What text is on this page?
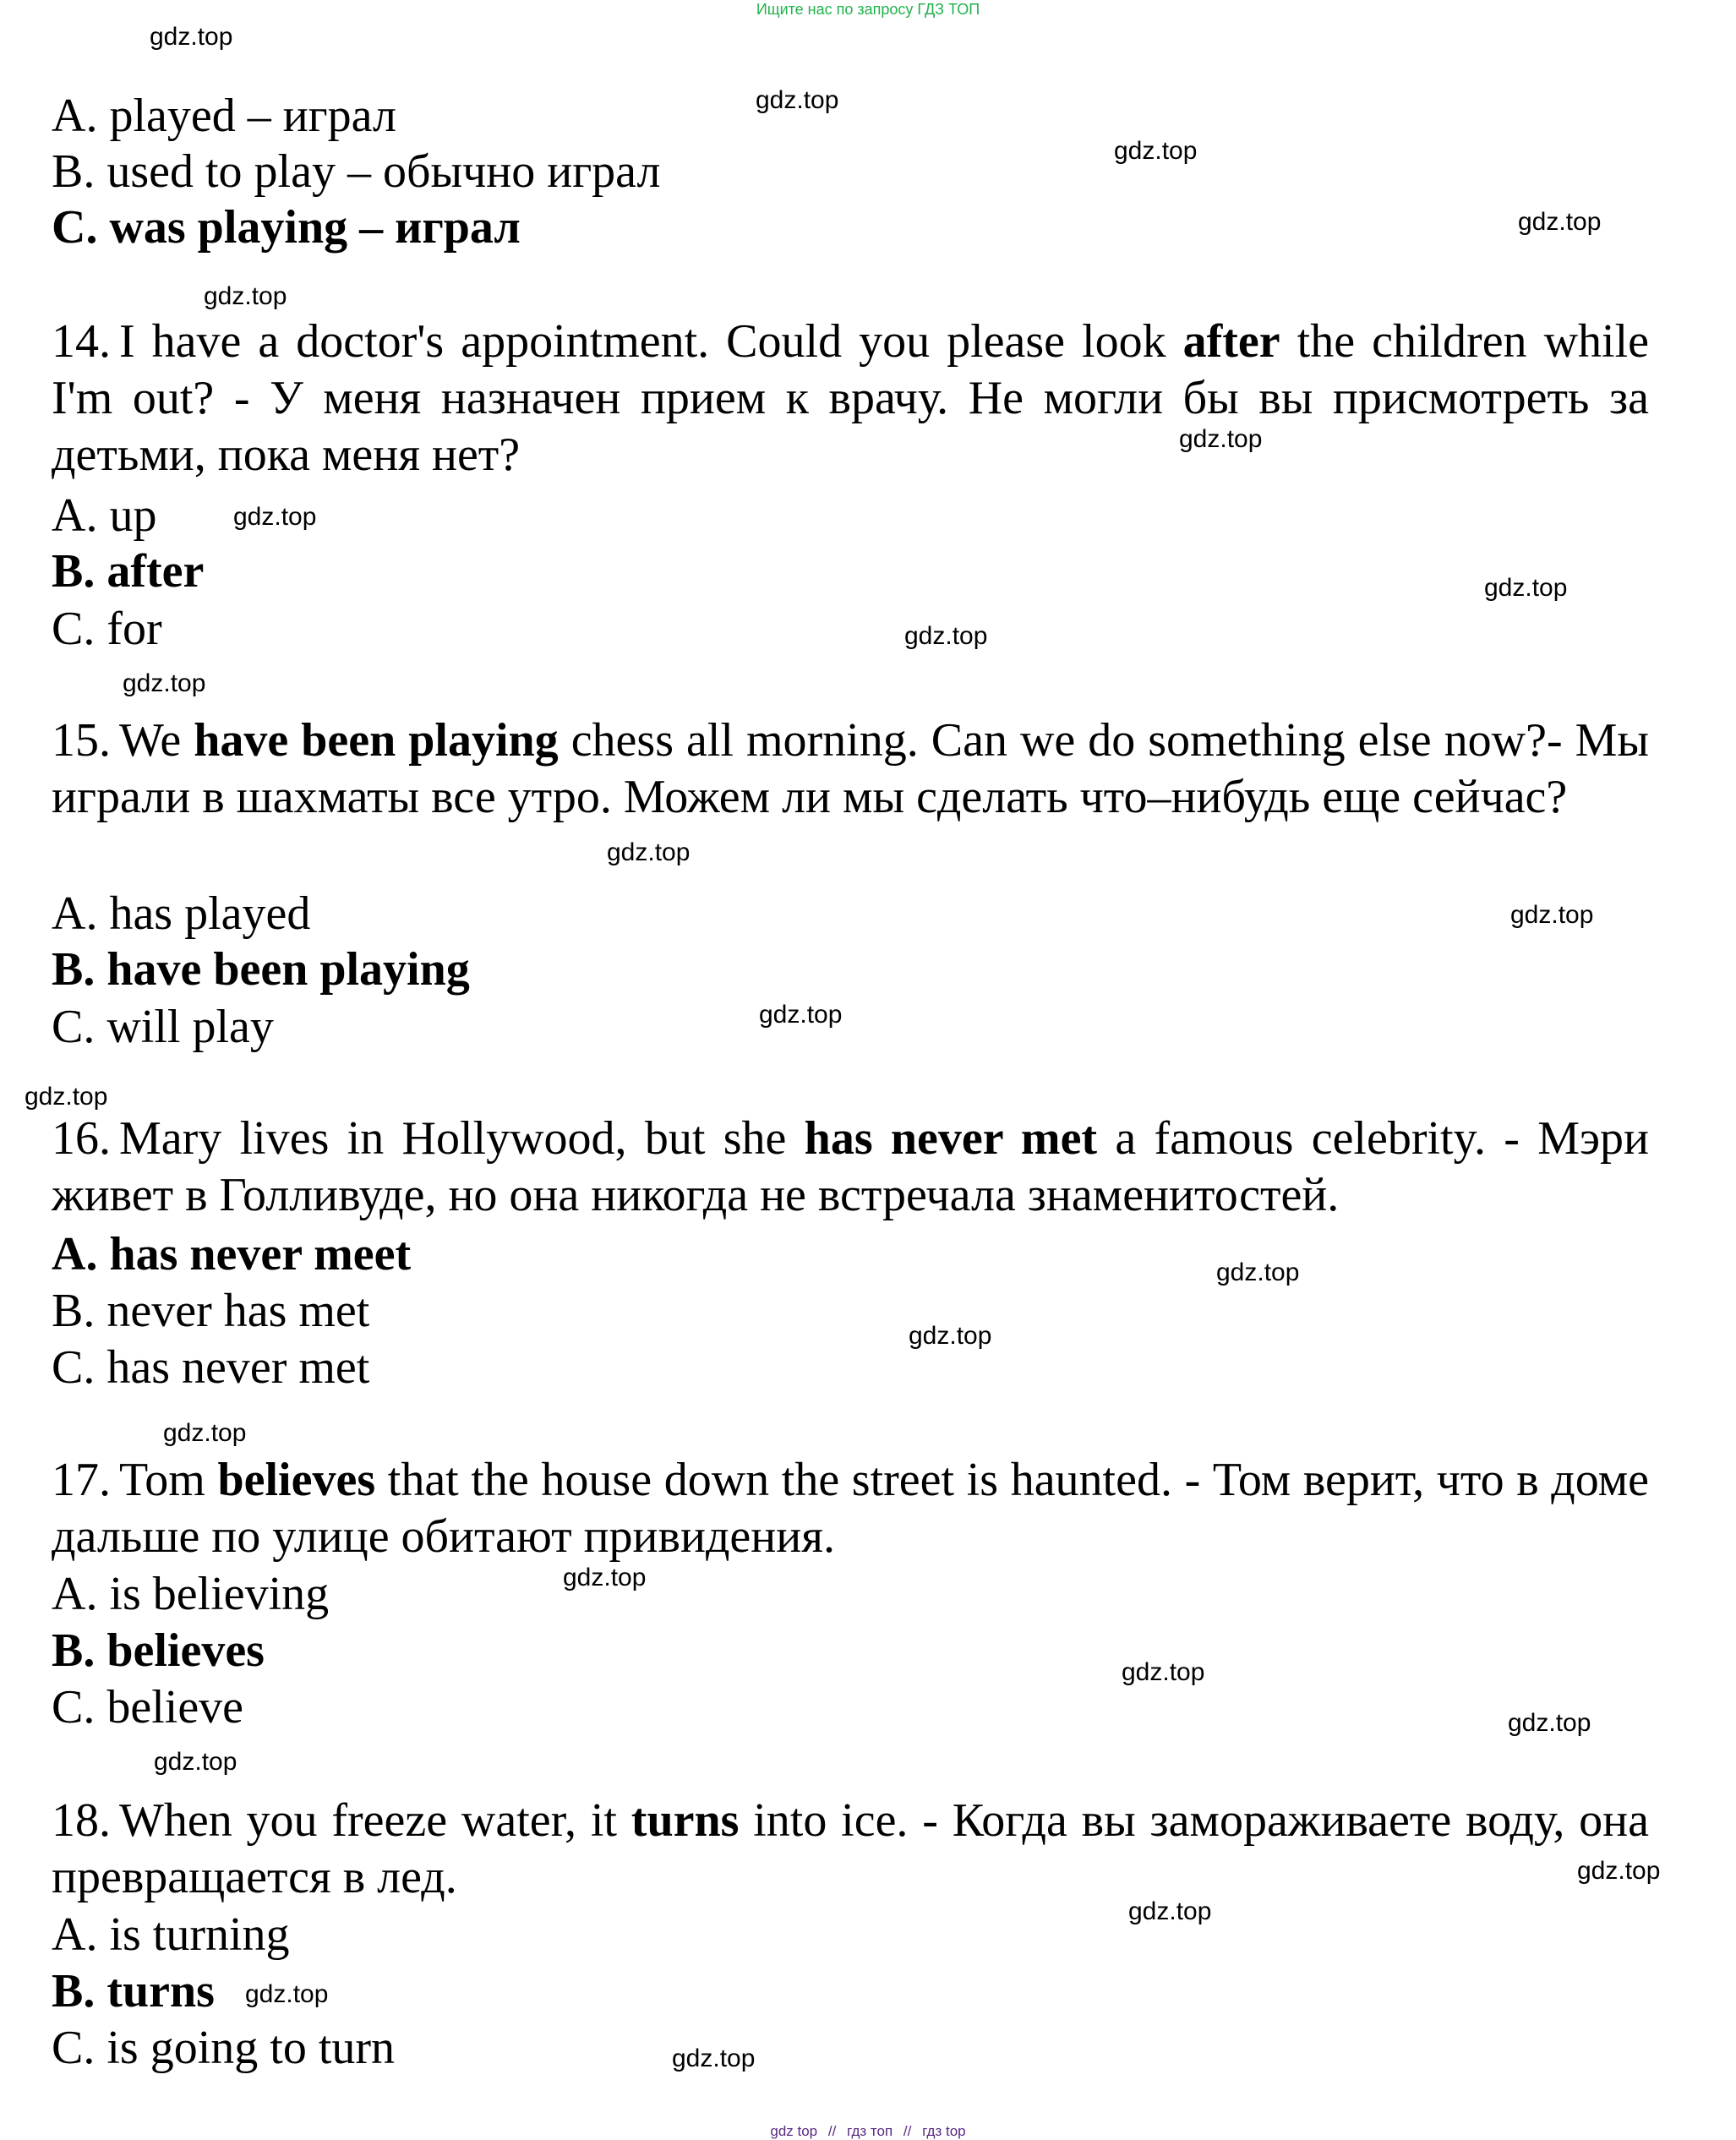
Ищите нас по запросу ГДЗ ТОП
A. played – играл
B. used to play – обычно играл
C. was playing – играл
14. I have a doctor's appointment. Could you please look after the children while I'm out? - У меня назначен прием к врачу. Не могли бы вы присмотреть за детьми, пока меня нет?
A. up
B. after
C. for
15. We have been playing chess all morning. Can we do something else now?- Мы играли в шахматы все утро. Можем ли мы сделать что–нибудь еще сейчас?
A. has played
B. have been playing
C. will play
16. Mary lives in Hollywood, but she has never met a famous celebrity. - Мэри живет в Голливуде, но она никогда не встречала знаменитостей.
A. has never meet
B. never has met
C. has never met
17. Tom believes that the house down the street is haunted. - Том верит, что в доме дальше по улице обитают привидения.
A. is believing
B. believes
C. believe
18. When you freeze water, it turns into ice. - Когда вы замораживаете воду, она превращается в лед.
A. is turning
B. turns
C. is going to turn
gdz.top
gdz.top
gdz.top
gdz.top
gdz.top
gdz.top
gdz.top
gdz.top
gdz.top
gdz.top
gdz.top
gdz.top
gdz.top
gdz.top
gdz.top
gdz.top
gdz.top
gdz.top
gdz.top
gdz.top
gdz.top
gdz.top
gdz.top
gdz.top
gdz.top
gdz top // гдз топ // гдз top
